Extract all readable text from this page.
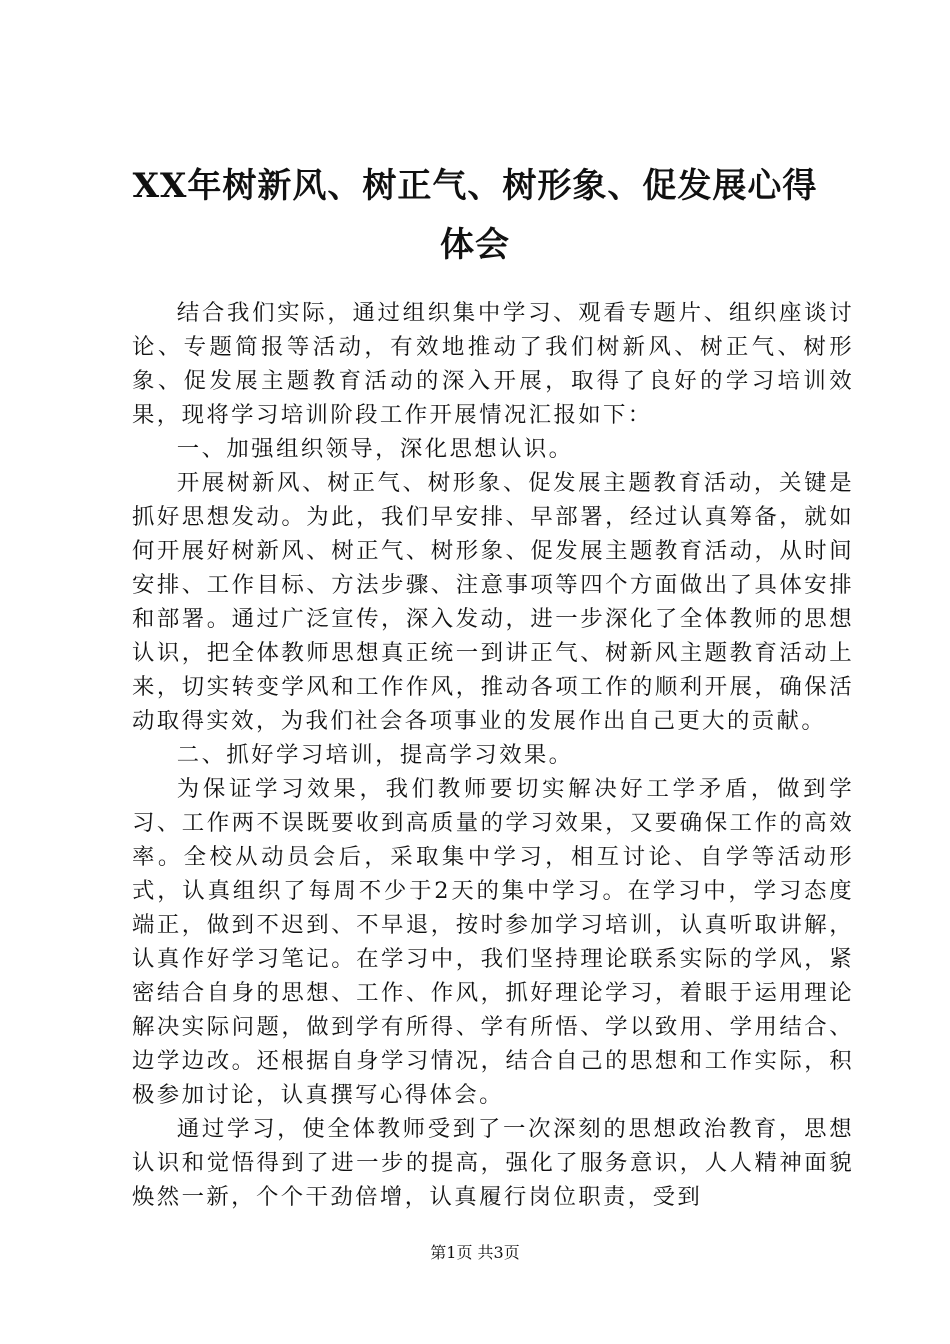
XX年树新风、树正气、树形象、促发展心得
体会

结合我们实际，通过组织集中学习、观看专题片、组织座谈讨论、专题简报等活动，有效地推动了我们树新风、树正气、树形象、促发展主题教育活动的深入开展，取得了良好的学习培训效果，现将学习培训阶段工作开展情况汇报如下：

一、加强组织领导，深化思想认识。

开展树新风、树正气、树形象、促发展主题教育活动，关键是抓好思想发动。为此，我们早安排、早部署，经过认真筹备，就如何开展好树新风、树正气、树形象、促发展主题教育活动，从时间安排、工作目标、方法步骤、注意事项等四个方面做出了具体安排和部署。通过广泛宣传，深入发动，进一步深化了全体教师的思想认识，把全体教师思想真正统一到讲正气、树新风主题教育活动上来，切实转变学风和工作作风，推动各项工作的顺利开展，确保活动取得实效，为我们社会各项事业的发展作出自己更大的贡献。

二、抓好学习培训，提高学习效果。

为保证学习效果，我们教师要切实解决好工学矛盾，做到学习、工作两不误既要收到高质量的学习效果，又要确保工作的高效率。全校从动员会后，采取集中学习，相互讨论、自学等活动形式，认真组织了每周不少于2天的集中学习。在学习中，学习态度端正，做到不迟到、不早退，按时参加学习培训，认真听取讲解，认真作好学习笔记。在学习中，我们坚持理论联系实际的学风，紧密结合自身的思想、工作、作风，抓好理论学习，着眼于运用理论解决实际问题，做到学有所得、学有所悟、学以致用、学用结合、边学边改。还根据自身学习情况，结合自己的思想和工作实际，积极参加讨论，认真撰写心得体会。

通过学习，使全体教师受到了一次深刻的思想政治教育，思想认识和觉悟得到了进一步的提高，强化了服务意识，人人精神面貌焕然一新，个个干劲倍增，认真履行岗位职责，受到

第1页 共3页
